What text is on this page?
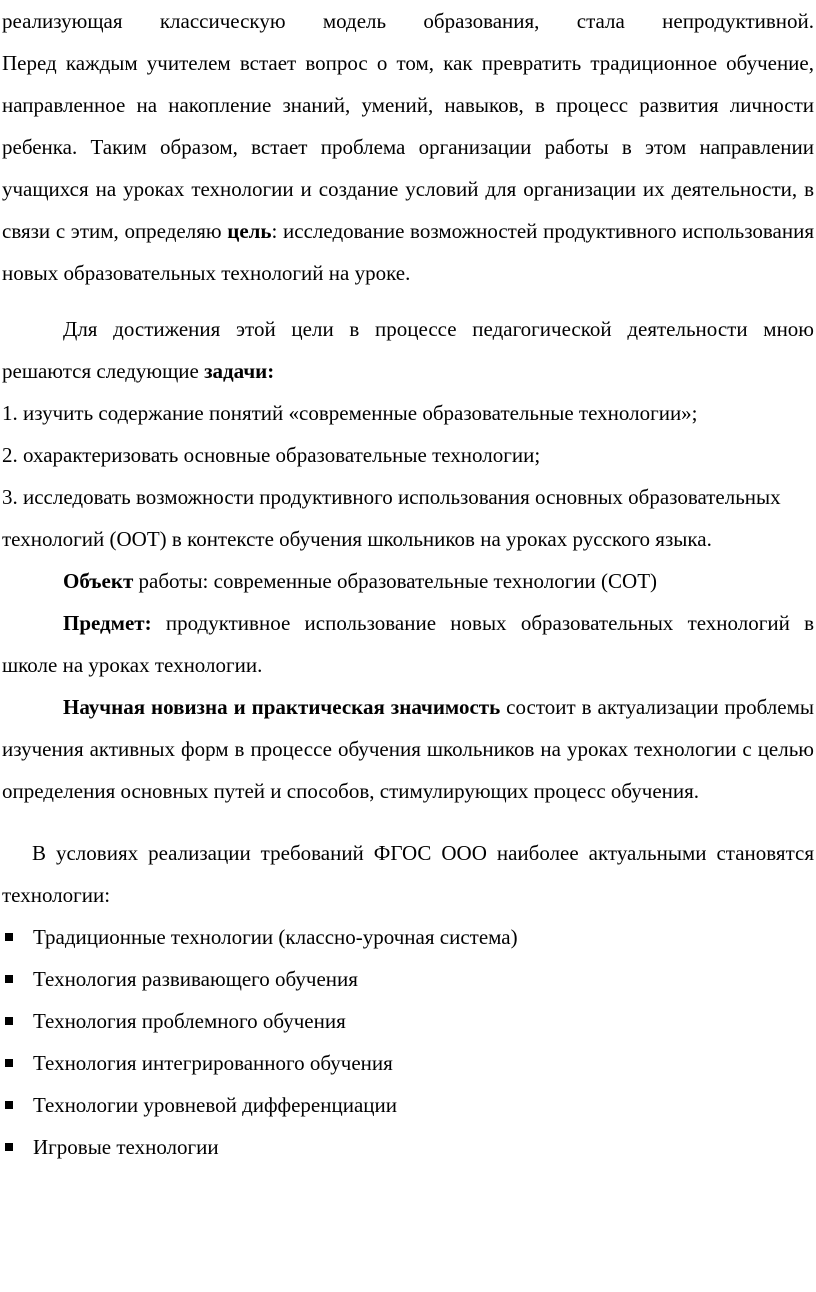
реализующая классическую модель образования, стала непродуктивной.

Перед каждым учителем встает вопрос о том, как превратить традиционное обучение, направленное на накопление знаний, умений, навыков, в процесс развития личности ребенка. Таким образом, встает проблема организации работы в этом направлении учащихся на уроках технологии и создание условий для организации их деятельности, в связи с этим, определяю цель: исследование возможностей продуктивного использования новых образовательных технологий на уроке.

Для достижения этой цели в процессе педагогической деятельности мною решаются следующие задачи:

1. изучить содержание понятий «современные образовательные технологии»;

2. охарактеризовать основные образовательные технологии;

3. исследовать возможности продуктивного использования основных образовательных технологий (ООТ) в контексте обучения школьников на уроках русского языка.

Объект работы: современные образовательные технологии (СОТ)

Предмет: продуктивное использование новых образовательных технологий в школе на уроках технологии.

Научная новизна и практическая значимость состоит в актуализации проблемы изучения активных форм в процессе обучения школьников на уроках технологии с целью определения основных путей и способов, стимулирующих процесс обучения.

В условиях реализации требований ФГОС ООО наиболее актуальными становятся технологии:

Традиционные технологии (классно-урочная система)
Технология развивающего обучения
Технология проблемного обучения
Технология интегрированного обучения
Технологии уровневой дифференциации
Игровые технологии
